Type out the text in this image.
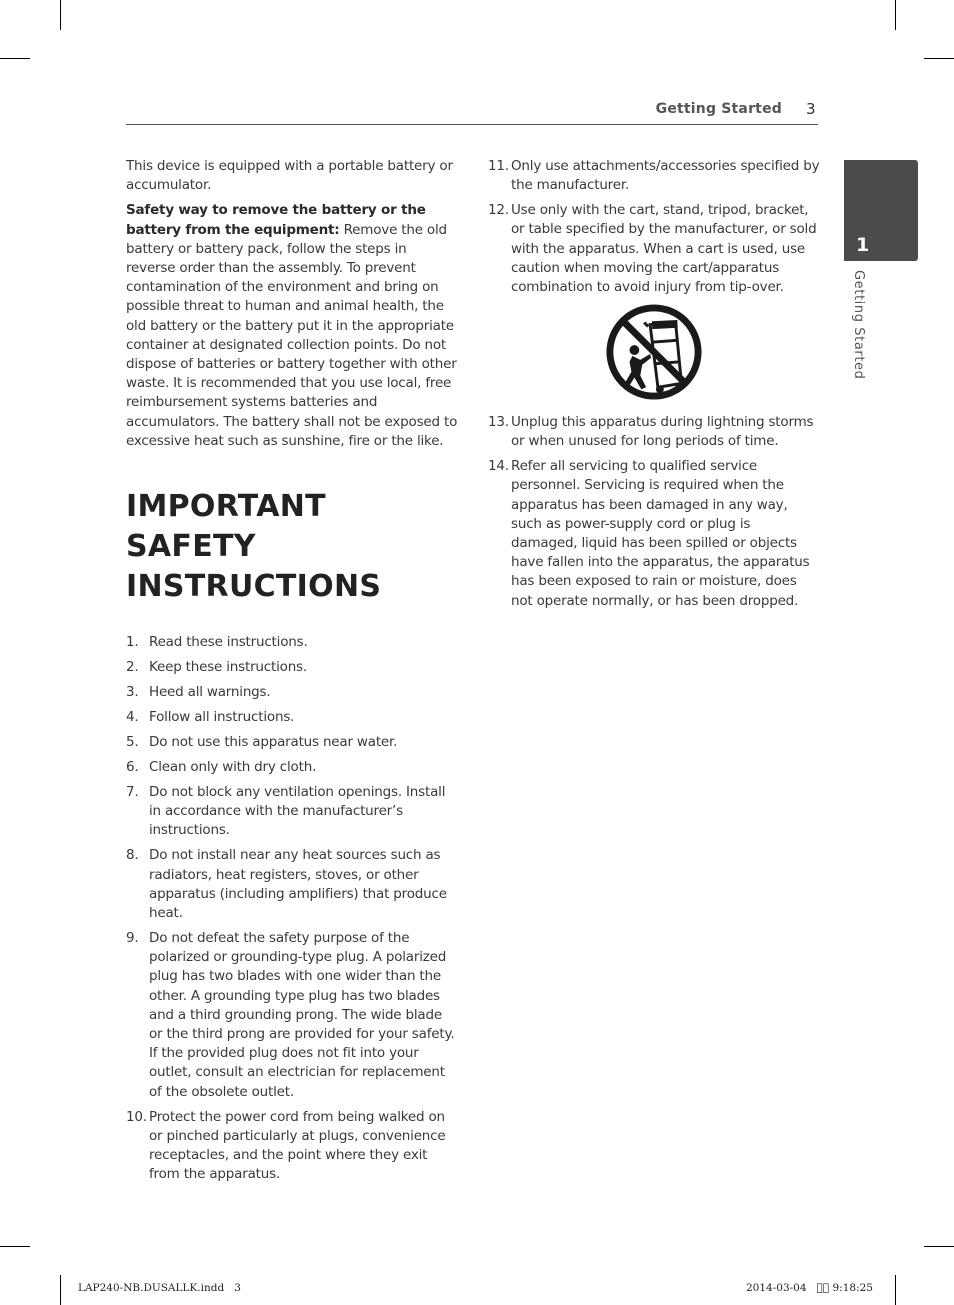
Getting Started 3
1
Getting Started

This device is equipped with a portable battery or accumulator.

Safety way to remove the battery or the battery from the equipment: Remove the old battery or battery pack, follow the steps in reverse order than the assembly. To prevent contamination of the environment and bring on possible threat to human and animal health, the old battery or the battery put it in the appropriate container at designated collection points. Do not dispose of batteries or battery together with other waste. It is recommended that you use local, free reimbursement systems batteries and accumulators. The battery shall not be exposed to excessive heat such as sunshine, fire or the like.

IMPORTANT SAFETY INSTRUCTIONS
1. Read these instructions.
2. Keep these instructions.
3. Heed all warnings.
4. Follow all instructions.
5. Do not use this apparatus near water.
6. Clean only with dry cloth.
7. Do not block any ventilation openings. Install in accordance with the manufacturer’s instructions.
8. Do not install near any heat sources such as radiators, heat registers, stoves, or other apparatus (including amplifiers) that produce heat.
9. Do not defeat the safety purpose of the polarized or grounding-type plug. A polarized plug has two blades with one wider than the other. A grounding type plug has two blades and a third grounding prong. The wide blade or the third prong are provided for your safety. If the provided plug does not fit into your outlet, consult an electrician for replacement of the obsolete outlet.
10. Protect the power cord from being walked on or pinched particularly at plugs, convenience receptacles, and the point where they exit from the apparatus.
11. Only use attachments/accessories specified by the manufacturer.
12. Use only with the cart, stand, tripod, bracket, or table specified by the manufacturer, or sold with the apparatus. When a cart is used, use caution when moving the cart/apparatus combination to avoid injury from tip-over.
13. Unplug this apparatus during lightning storms or when unused for long periods of time.
14. Refer all servicing to qualified service personnel. Servicing is required when the apparatus has been damaged in any way, such as power-supply cord or plug is damaged, liquid has been spilled or objects have fallen into the apparatus, the apparatus has been exposed to rain or moisture, does not operate normally, or has been dropped.
LAP240-NB.DUSALLK.indd   3	2014-03-04   ￿￿ 9:18:25
